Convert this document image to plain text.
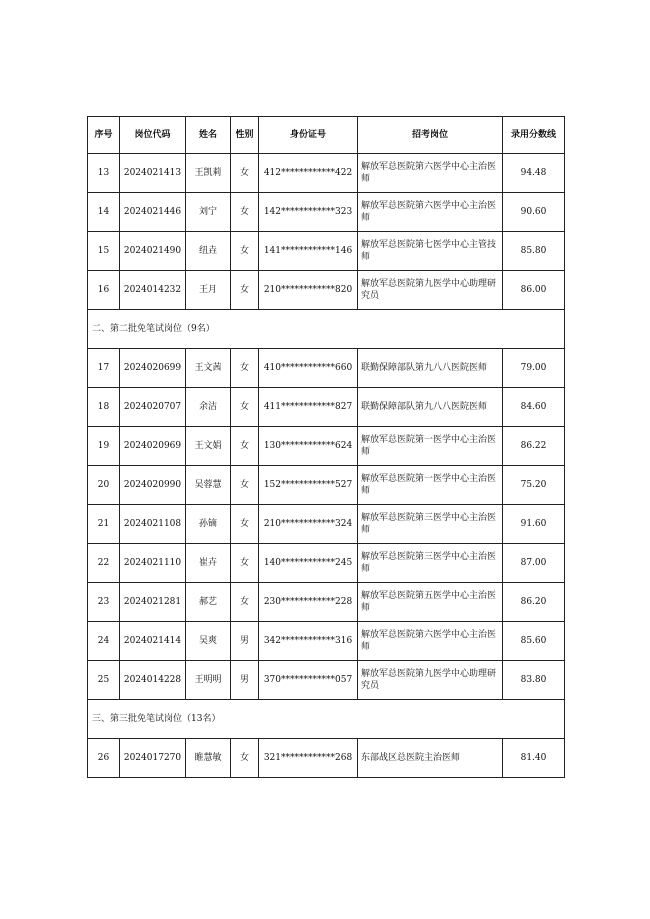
序号	岗位代码	姓名	性别	身份证号	招考岗位	录用分数线
13	2024021413	王凯莉	女	412************422	解放军总医院第六医学中心主治医师	94.48
14	2024021446	刘宁	女	142************323	解放军总医院第六医学中心主治医师	90.60
15	2024021490	纽垚	女	141************146	解放军总医院第七医学中心主管技师	85.80
16	2024014232	王月	女	210************820	解放军总医院第九医学中心助理研究员	86.00
二、第二批免笔试岗位（9名）						
17	2024020699	王文茜	女	410************660	联勤保障部队第九八八医院医师	79.00
18	2024020707	余洁	女	411************827	联勤保障部队第九八八医院医师	84.60
19	2024020969	王文娟	女	130************624	解放军总医院第一医学中心主治医师	86.22
20	2024020990	吴蓉慧	女	152************527	解放军总医院第一医学中心主治医师	75.20
21	2024021108	孙镝	女	210************324	解放军总医院第三医学中心主治医师	91.60
22	2024021110	崔卉	女	140************245	解放军总医院第三医学中心主治医师	87.00
23	2024021281	郝艺	女	230************228	解放军总医院第五医学中心主治医师	86.20
24	2024021414	吴爽	男	342************316	解放军总医院第六医学中心主治医师	85.60
25	2024014228	王明明	男	370************057	解放军总医院第九医学中心助理研究员	83.80
三、第三批免笔试岗位（13名）						
26	2024017270	睢慧敏	女	321************268	东部战区总医院主治医师	81.40
